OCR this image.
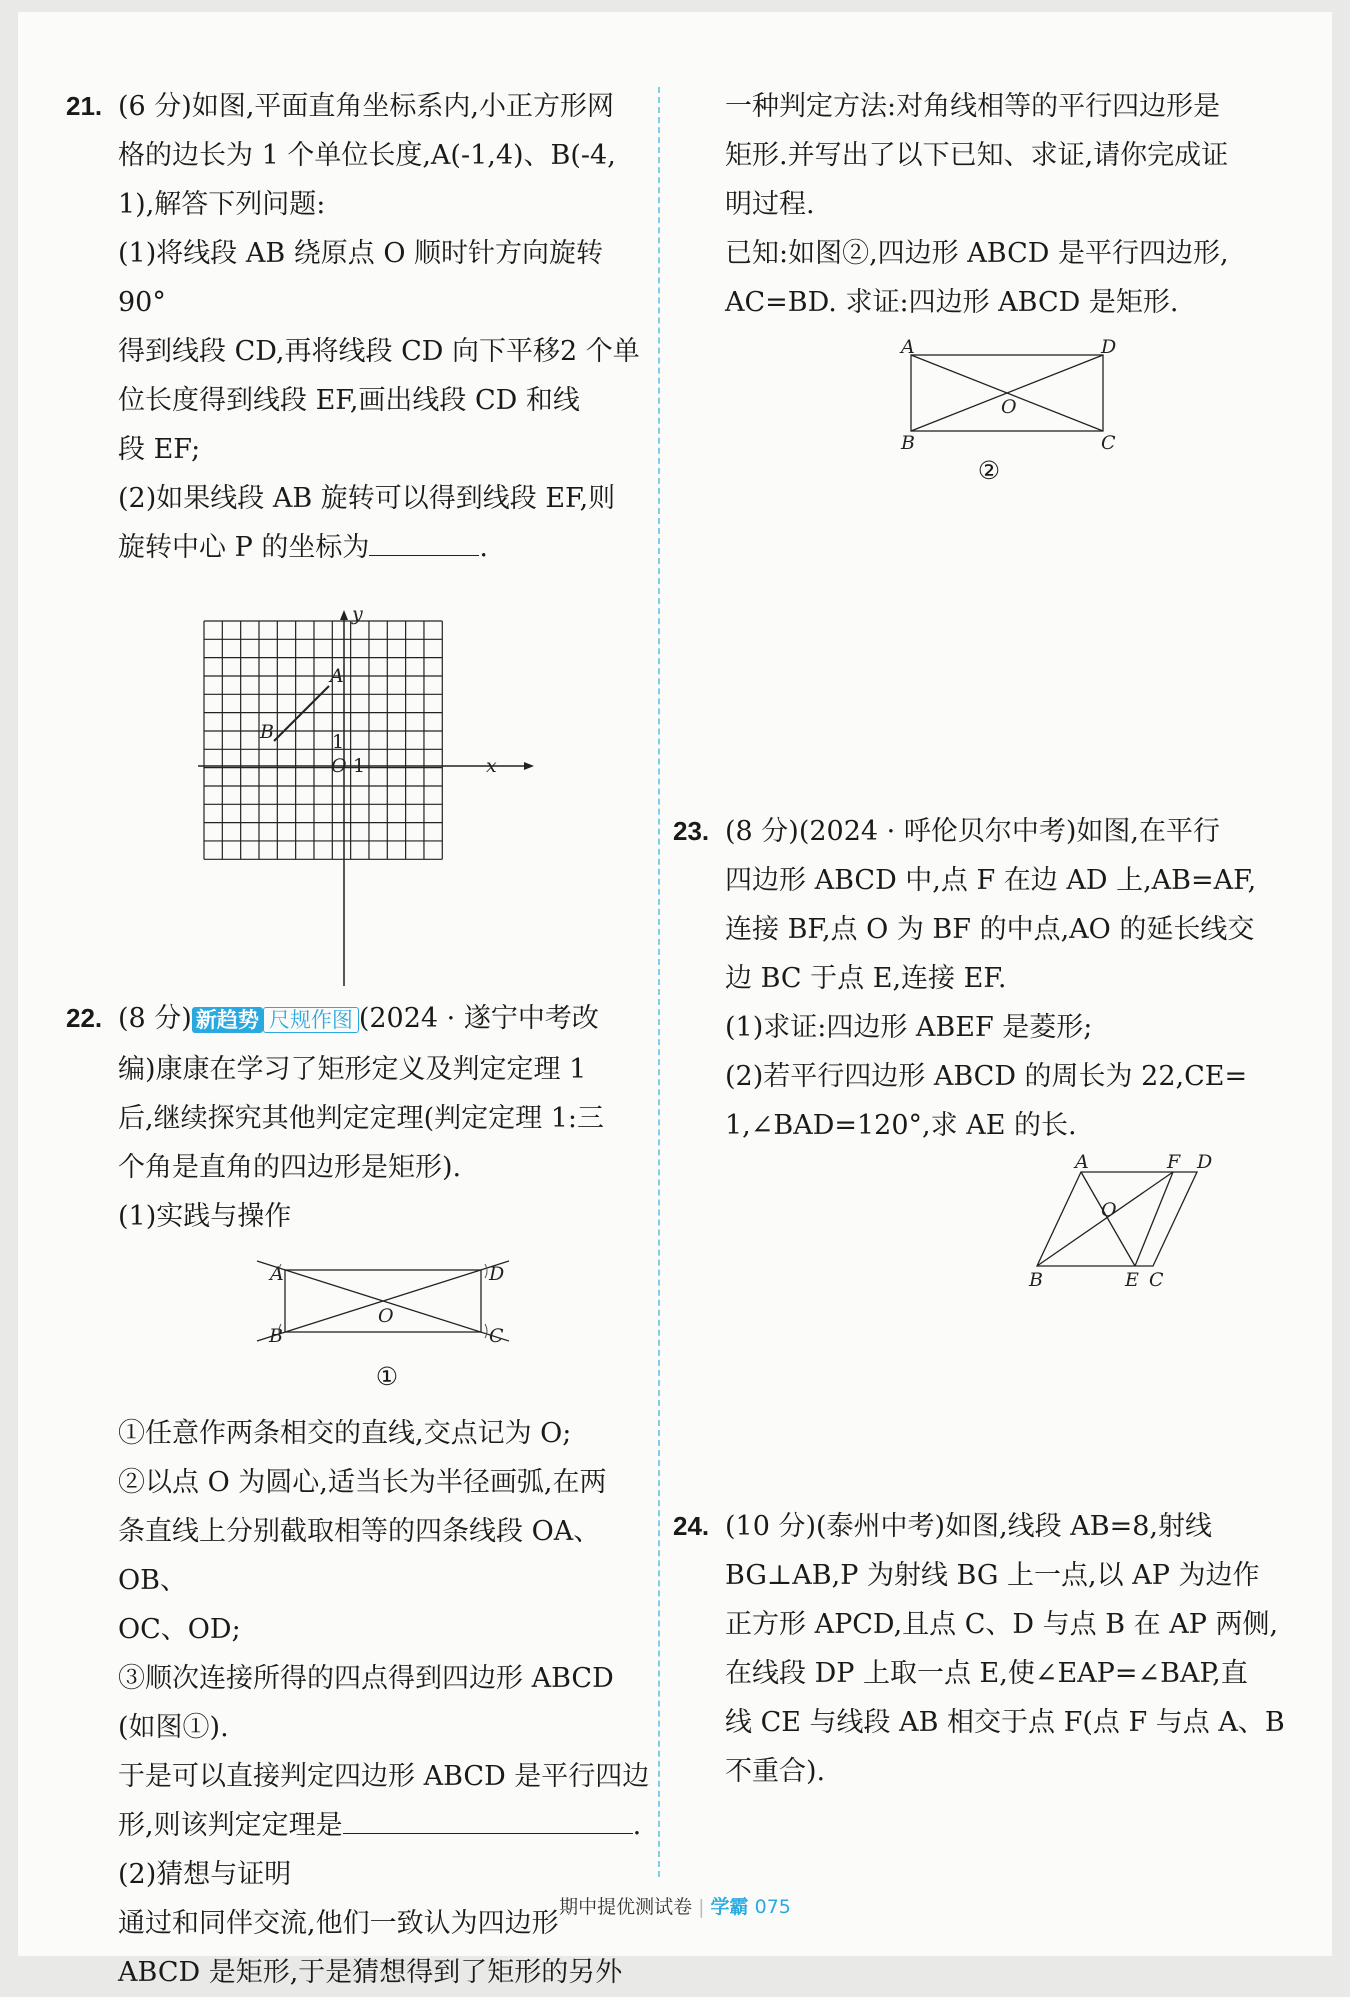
21. (6 分)如图,平面直角坐标系内,小正方形网

格的边长为 1 个单位长度,A(-1,4)、B(-4,

1),解答下列问题:

(1)将线段 AB 绕原点 O 顺时针方向旋转 90°

得到线段 CD,再将线段 CD 向下平移2 个单

位长度得到线段 EF,画出线段 CD 和线

段 EF;

(2)如果线段 AB 旋转可以得到线段 EF,则

旋转中心 P 的坐标为	.

A
B
O
y
x
1
1

22. (8 分) 新趋势 尺规作图 (2024 · 遂宁中考改

编)康康在学习了矩形定义及判定定理 1

后,继续探究其他判定定理(判定定理 1:三

个角是直角的四边形是矩形).

(1)实践与操作

A	D
B	C
O
①

①任意作两条相交的直线,交点记为 O;

②以点 O 为圆心,适当长为半径画弧,在两

条直线上分别截取相等的四条线段 OA、OB、

OC、OD;

③顺次连接所得的四点得到四边形 ABCD

(如图①).

于是可以直接判定四边形 ABCD 是平行四边

形,则该判定定理是	.

(2)猜想与证明

通过和同伴交流,他们一致认为四边形

ABCD 是矩形,于是猜想得到了矩形的另外

一种判定方法:对角线相等的平行四边形是

矩形.并写出了以下已知、求证,请你完成证

明过程.

已知:如图②,四边形 ABCD 是平行四边形,

AC=BD. 求证:四边形 ABCD 是矩形.

A	D
B	C
O
②

23. (8 分)(2024 · 呼伦贝尔中考)如图,在平行

四边形 ABCD 中,点 F 在边 AD 上,AB=AF,

连接 BF,点 O 为 BF 的中点,AO 的延长线交

边 BC 于点 E,连接 EF.

(1)求证:四边形 ABEF 是菱形;

(2)若平行四边形 ABCD 的周长为 22,CE=

1,∠BAD=120°,求 AE 的长.

A	F D
B	E C
O

24. (10 分)(泰州中考)如图,线段 AB=8,射线

BG⊥AB,P 为射线 BG 上一点,以 AP 为边作

正方形 APCD,且点 C、D 与点 B 在 AP 两侧,

在线段 DP 上取一点 E,使∠EAP=∠BAP,直

线 CE 与线段 AB 相交于点 F(点 F 与点 A、B

不重合).

期中提优测试卷 | 学霸 075
